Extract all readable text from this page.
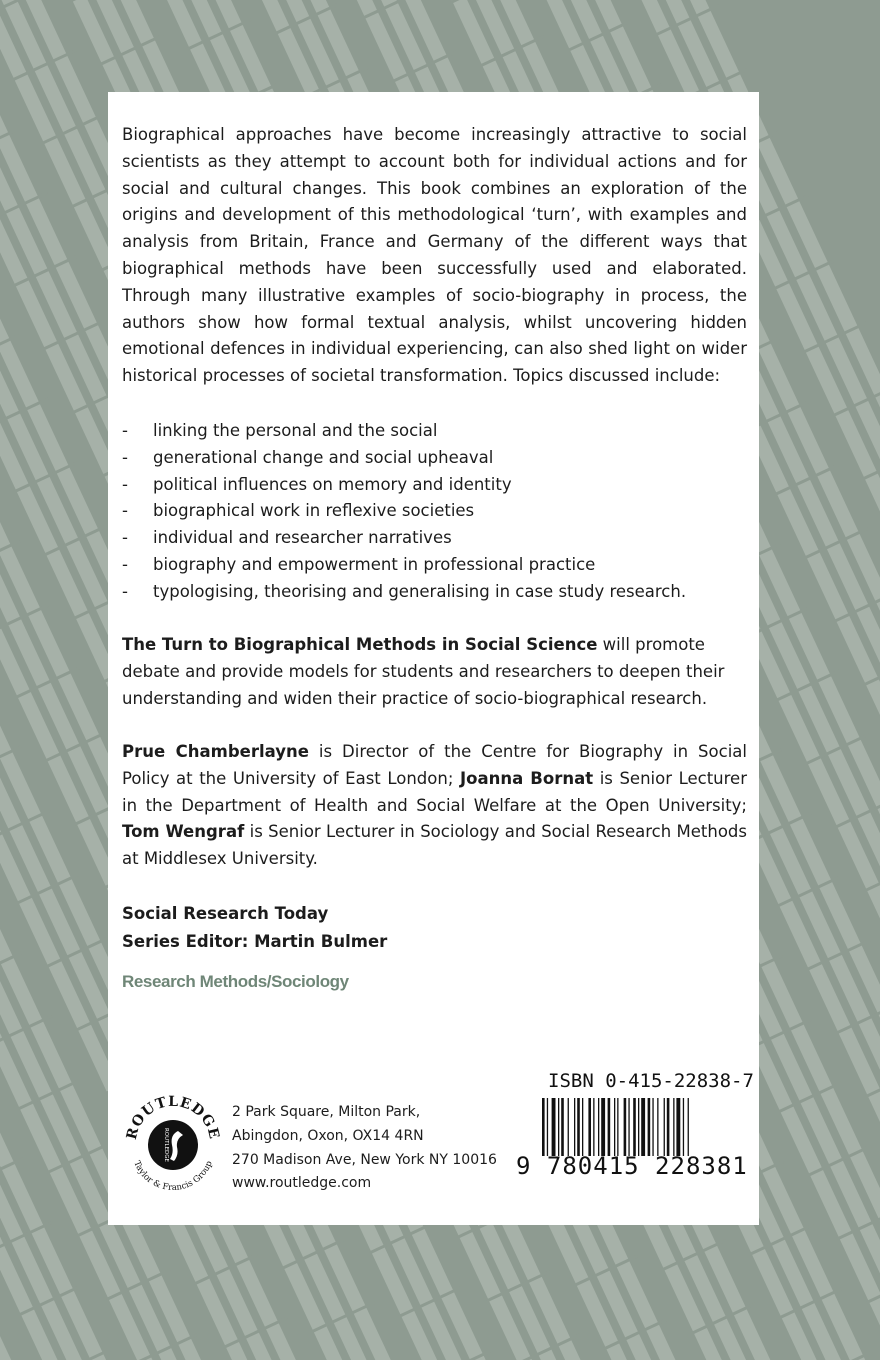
Biographical approaches have become increasingly attractive to social scientists as they attempt to account both for individual actions and for social and cultural changes. This book combines an exploration of the origins and development of this methodological ‘turn’, with examples and analysis from Britain, France and Germany of the different ways that biographical methods have been successfully used and elaborated. Through many illustrative examples of socio-biography in process, the authors show how formal textual analysis, whilst uncovering hidden emotional defences in individual experiencing, can also shed light on wider historical processes of societal transformation. Topics discussed include:
- linking the personal and the social
- generational change and social upheaval
- political influences on memory and identity
- biographical work in reflexive societies
- individual and researcher narratives
- biography and empowerment in professional practice
- typologising, theorising and generalising in case study research.
The Turn to Biographical Methods in Social Science will promote debate and provide models for students and researchers to deepen their understanding and widen their practice of socio-biographical research.
Prue Chamberlayne is Director of the Centre for Biography in Social Policy at the University of East London; Joanna Bornat is Senior Lecturer in the Department of Health and Social Welfare at the Open University; Tom Wengraf is Senior Lecturer in Sociology and Social Research Methods at Middlesex University.
Social Research Today
Series Editor: Martin Bulmer
Research Methods/Sociology
ROUTLEDGE
Taylor & Francis Group
ROUTLEDGE
2 Park Square, Milton Park,
Abingdon, Oxon, OX14 4RN
270 Madison Ave, New York NY 10016
www.routledge.com
ISBN 0-415-22838-7
9 780415 228381
